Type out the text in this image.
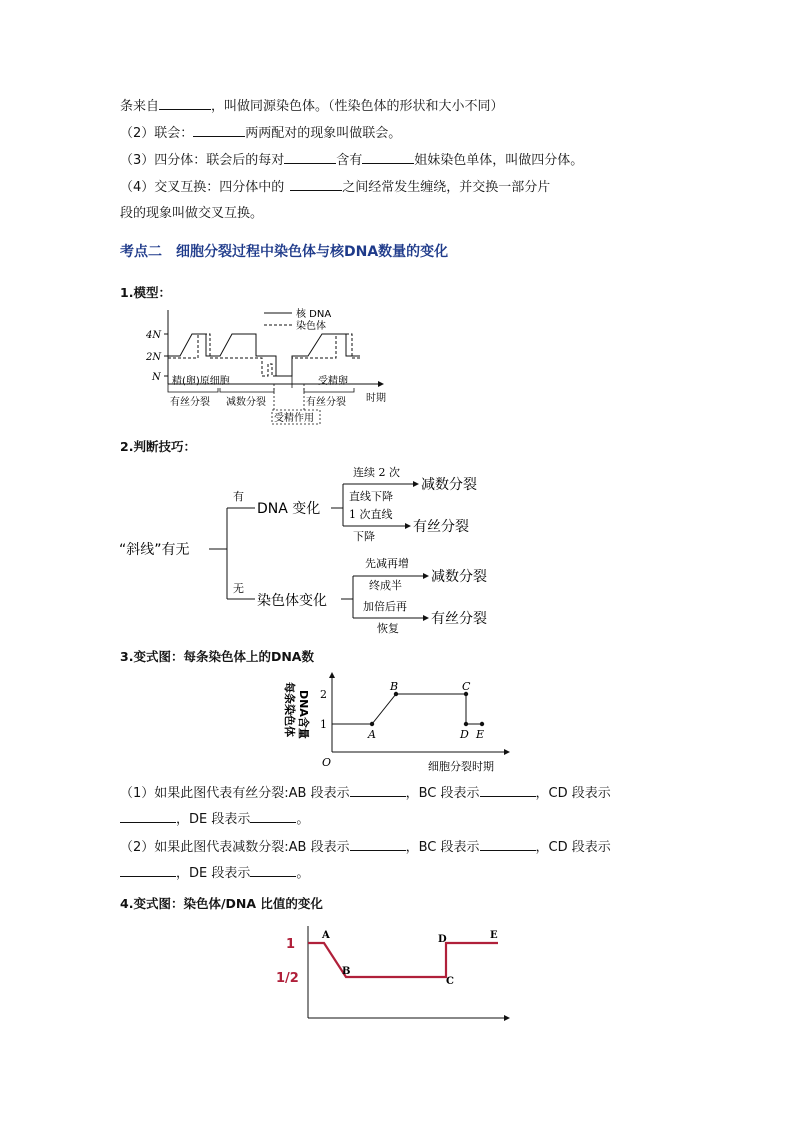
条来自	，叫做同源染色体。（性染色体的形状和大小不同）
（2）联会：	两两配对的现象叫做联会。
（3）四分体：联会后的每对	含有	姐妹染色单体，叫做四分体。
（4）交叉互换：四分体中的	之间经常发生缠绕，并交换一部分片
段的现象叫做交叉互换。
考点二 细胞分裂过程中染色体与核DNA数量的变化
1.模型：
4N
2N
N
核 DNA
染色体
精(卵)原细胞	受精卵
有丝分裂 减数分裂	有丝分裂 时期
受精作用
2.判断技巧：
“斜线”有无
有
无
DNA 变化
染色体变化
连续 2 次
直线下降
1 次直线
下降
减数分裂
有丝分裂
先减再增
终成半
加倍后再
恢复
减数分裂
有丝分裂
3.变式图：每条染色体上的DNA数
每条染色体 DNA含量 2
1
O
A
B	C
D E
细胞分裂时期
（1）如果此图代表有丝分裂:AB 段表示	，BC 段表示	，CD 段表示
，DE 段表示	。
（2）如果此图代表减数分裂:AB 段表示	，BC 段表示	，CD 段表示
，DE 段表示	。
4.变式图：染色体/DNA 比值的变化
1
1/2
A
B
C
D	E
